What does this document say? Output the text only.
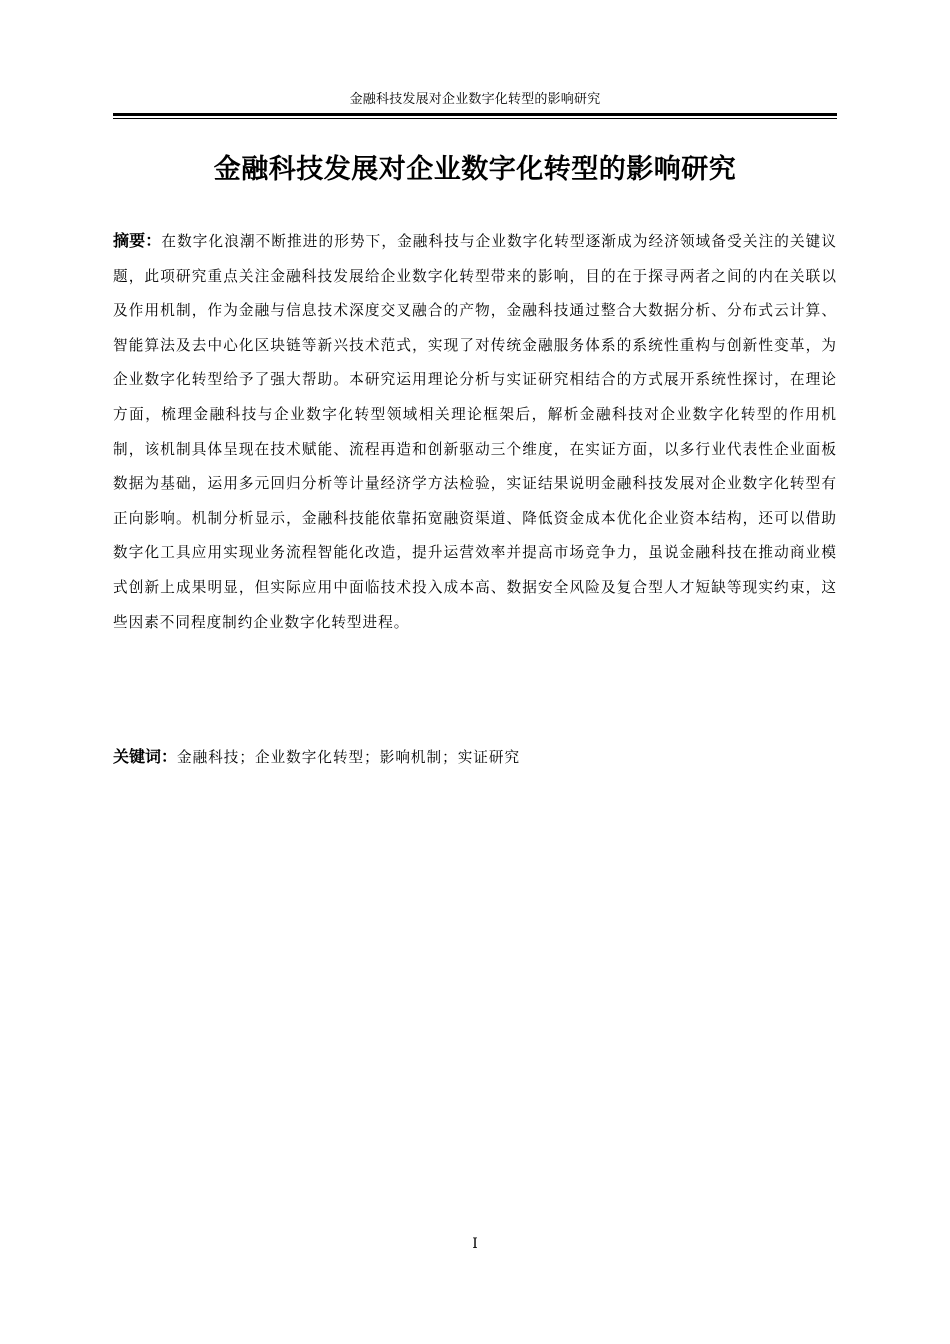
金融科技发展对企业数字化转型的影响研究
金融科技发展对企业数字化转型的影响研究
摘要：在数字化浪潮不断推进的形势下，金融科技与企业数字化转型逐渐成为经济领域备受关注的关键议题，此项研究重点关注金融科技发展给企业数字化转型带来的影响，目的在于探寻两者之间的内在关联以及作用机制，作为金融与信息技术深度交叉融合的产物，金融科技通过整合大数据分析、分布式云计算、智能算法及去中心化区块链等新兴技术范式，实现了对传统金融服务体系的系统性重构与创新性变革，为企业数字化转型给予了强大帮助。本研究运用理论分析与实证研究相结合的方式展开系统性探讨，在理论方面，梳理金融科技与企业数字化转型领域相关理论框架后，解析金融科技对企业数字化转型的作用机制，该机制具体呈现在技术赋能、流程再造和创新驱动三个维度，在实证方面，以多行业代表性企业面板数据为基础，运用多元回归分析等计量经济学方法检验，实证结果说明金融科技发展对企业数字化转型有正向影响。机制分析显示，金融科技能依靠拓宽融资渠道、降低资金成本优化企业资本结构，还可以借助数字化工具应用实现业务流程智能化改造，提升运营效率并提高市场竞争力，虽说金融科技在推动商业模式创新上成果明显，但实际应用中面临技术投入成本高、数据安全风险及复合型人才短缺等现实约束，这些因素不同程度制约企业数字化转型进程。
关键词：金融科技；企业数字化转型；影响机制；实证研究
I
